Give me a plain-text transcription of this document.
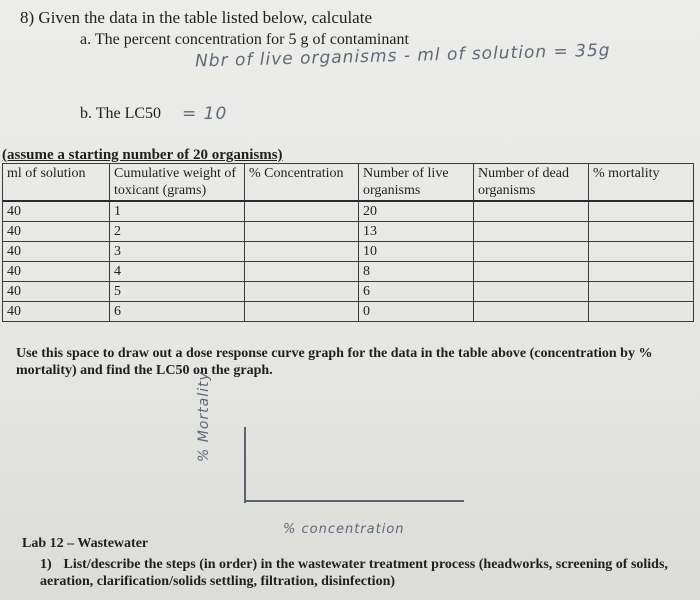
8) Given the data in the table listed below, calculate
a. The percent concentration for 5 g of contaminant
Nbr of live organisms - ml of solution = 35g
b. The LC50 = 10
(assume a starting number of 20 organisms)
ml of solution	Cumulative weight of toxicant (grams)	% Concentration	Number of live organisms	Number of dead organisms	% mortality
40	1		20		
40	2		13		
40	3		10		
40	4		8		
40	5		6		
40	6		0		
Use this space to draw out a dose response curve graph for the data in the table above (concentration by % mortality) and find the LC50 on the graph.
% Mortality
% concentration
Lab 12 – Wastewater
1) List/describe the steps (in order) in the wastewater treatment process (headworks, screening of solids, aeration, clarification/solids settling, filtration, disinfection)
